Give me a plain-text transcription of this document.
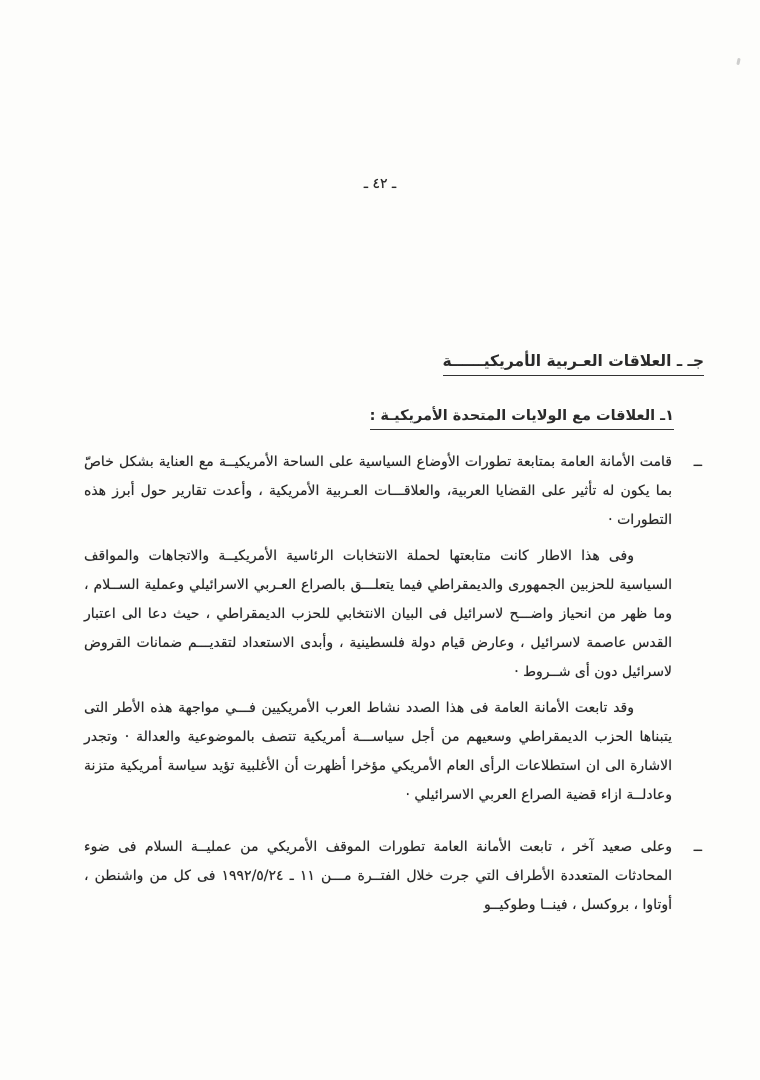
ـ ٤٢ ـ
جـ ـ العلاقات العـربية الأمريكيــــــة
١ـ العلاقات مع الولايات المتحدة الأمريكيـة :

ــ
قامت الأمانة العامة بمتابعة تطورات الأوضاع السياسية على الساحة الأمريكيــة مع العناية بشكل خاصّ بما يكون له تأثير على القضايا العربية، والعلاقـــات العـربية الأمريكية ، وأعدت تقارير حول أبرز هذه التطورات ·

وفى هذا الاطار كانت متابعتها لحملة الانتخابات الرئاسية الأمريكيــة والاتجاهات والمواقف السياسية للحزبين الجمهورى والديمقراطي فيما يتعلـــق بالصراع العـربي الاسرائيلي وعملية الســلام ، وما ظهر من انحياز واضـــح لاسرائيل فى البيان الانتخابي للحزب الديمقراطي ، حيث دعا الى اعتبار القدس عاصمة لاسرائيل ، وعارض قيام دولة فلسطينية ، وأبدى الاستعداد لتقديـــم ضمانات القروض لاسرائيل دون أى شــروط ·

وقد تابعت الأمانة العامة فى هذا الصدد نشاط العرب الأمريكيين فـــي مواجهة هذه الأطر التى يتبناها الحزب الديمقراطي وسعيهم من أجل سياســـة أمريكية تتصف بالموضوعية والعدالة · وتجدر الاشارة الى ان استطلاعات الرأى العام الأمريكي مؤخرا أظهرت أن الأغلبية تؤيد سياسة أمريكية متزنة وعادلــة ازاء قضية الصراع العربي الاسرائيلي ·

ــ
وعلى صعيد آخر ، تابعت الأمانة العامة تطورات الموقف الأمريكي من عمليــة السلام فى ضوء المحادثات المتعددة الأطراف التي جرت خلال الفتــرة مـــن ١١ ـ ١٩٩٢/٥/٢٤ فى كل من واشنطن ، أوتاوا ، بروكسل ، فينــا وطوكيــو
